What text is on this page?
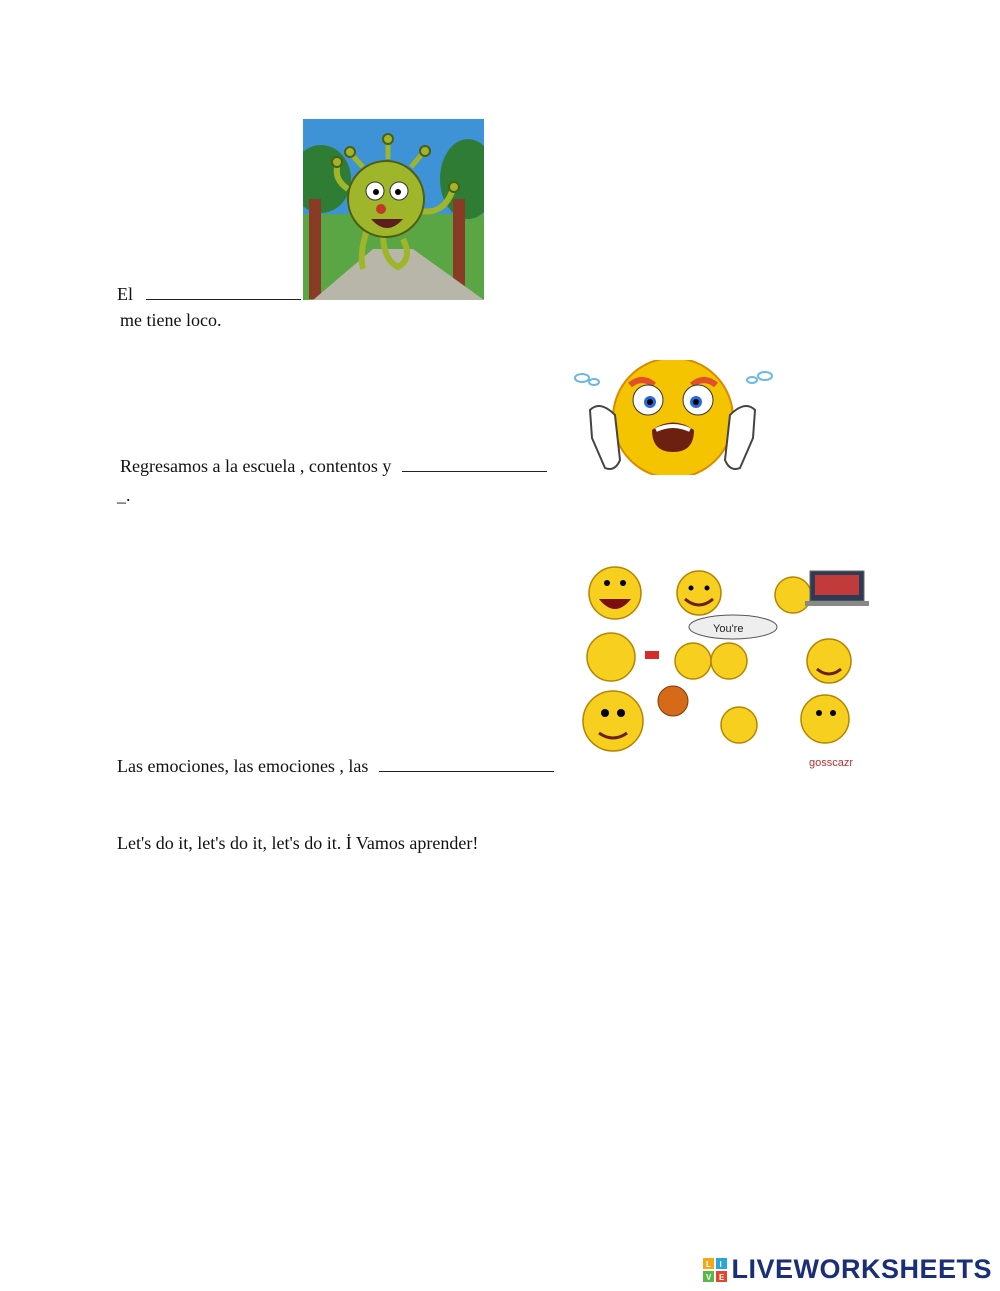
El
me tiene loco.
Regresamos a la escuela , contentos y
_.
Las emociones, las emociones , las
You're
gosscazr
Let's do it, let's do it, let's do it. İ Vamos aprender!
L I
V E LIVEWORKSHEETS
